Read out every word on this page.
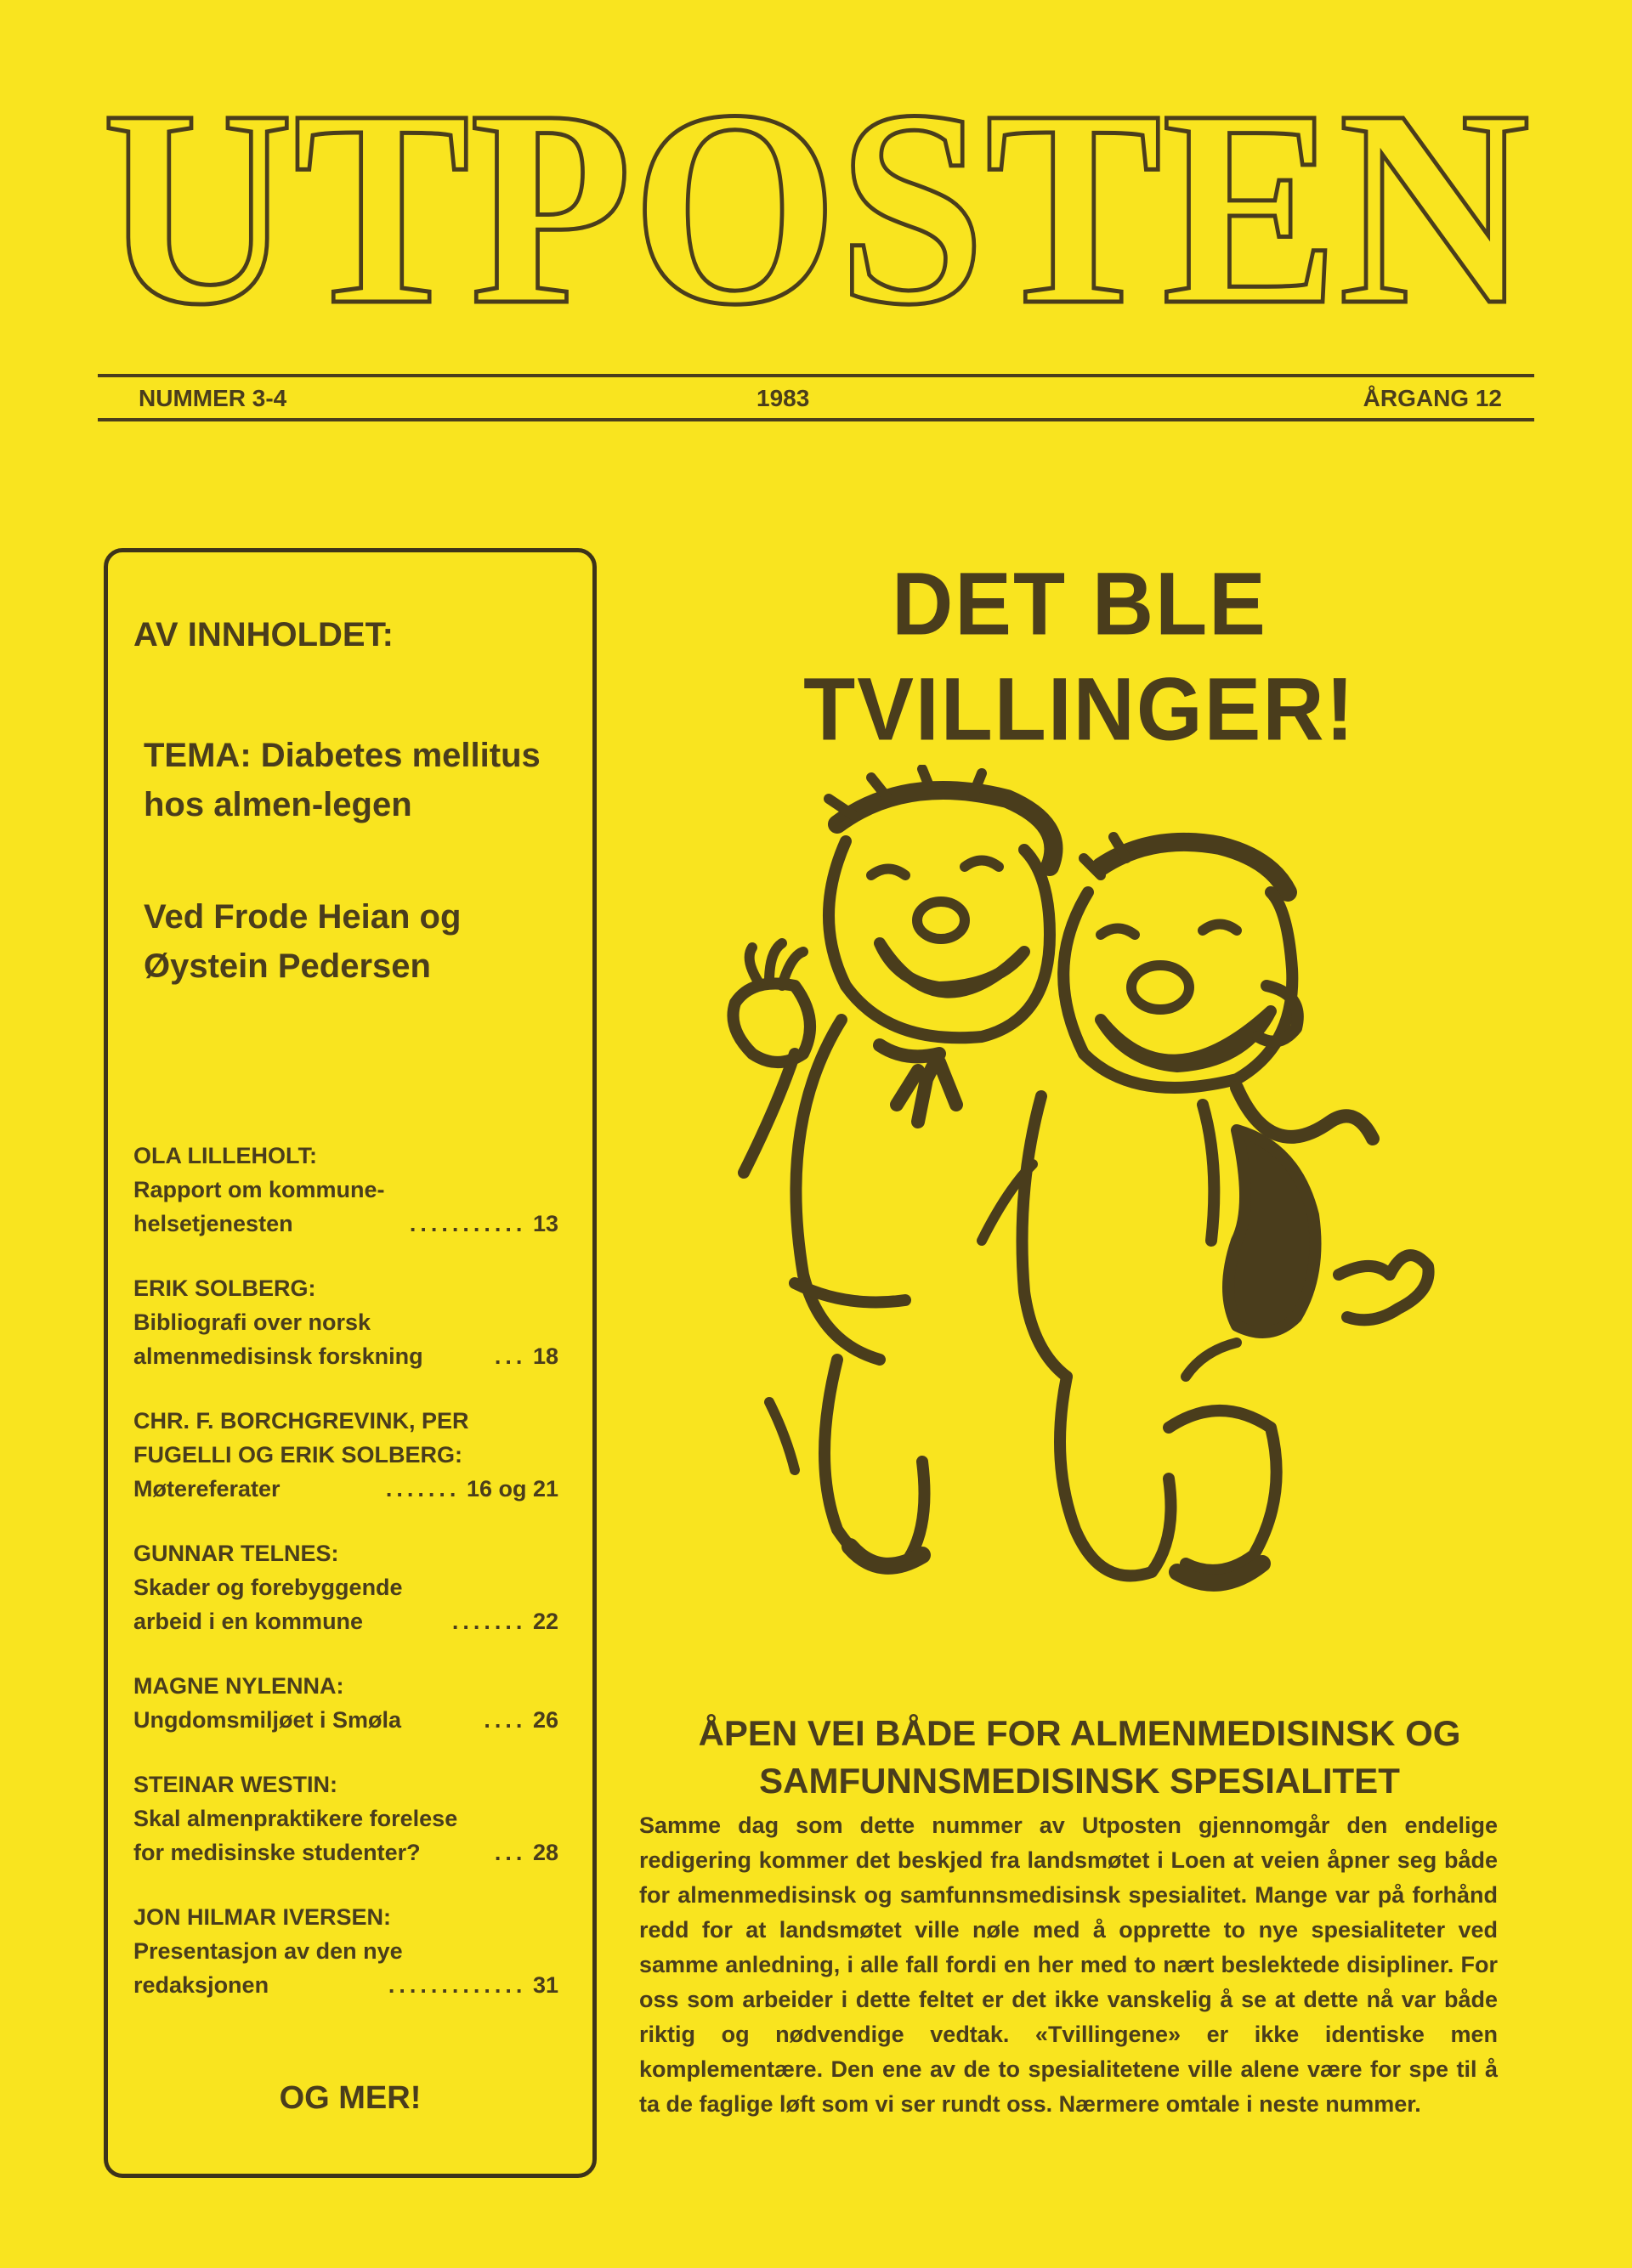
UTPOSTEN
NUMMER 3-4	1983	ÅRGANG 12
AV INNHOLDET:
TEMA: Diabetes mellitus hos almen-legen
Ved Frode Heian og Øystein Pedersen
OLA LILLEHOLT:
Rapport om kommune-
helsetjenesten	........... 13
ERIK SOLBERG:
Bibliografi over norsk
almenmedisinsk forskning	... 18
CHR. F. BORCHGREVINK, PER FUGELLI OG ERIK SOLBERG:
Møtereferater	....... 16 og 21
GUNNAR TELNES:
Skader og forebyggende
arbeid i en kommune	....... 22
MAGNE NYLENNA:
Ungdomsmiljøet i Smøla	.... 26
STEINAR WESTIN:
Skal almenpraktikere forelese
for medisinske studenter?	... 28
JON HILMAR IVERSEN:
Presentasjon av den nye
redaksjonen	............. 31
OG MER!
DET BLE
TVILLINGER!
ÅPEN VEI BÅDE FOR ALMENMEDISINSK OG SAMFUNNSMEDISINSK SPESIALITET
Samme dag som dette nummer av Utposten gjennomgår den endelige redigering kommer det beskjed fra landsmøtet i Loen at veien åpner seg både for almenmedisinsk og samfunnsmedisinsk spesialitet. Mange var på forhånd redd for at landsmøtet ville nøle med å opprette to nye spesialiteter ved samme anledning, i alle fall fordi en her med to nært beslektede disipliner. For oss som arbeider i dette feltet er det ikke vanskelig å se at dette nå var både riktig og nødvendige vedtak. «Tvillingene» er ikke identiske men komplementære. Den ene av de to spesialitetene ville alene være for spe til å ta de faglige løft som vi ser rundt oss. Nærmere omtale i neste nummer.
